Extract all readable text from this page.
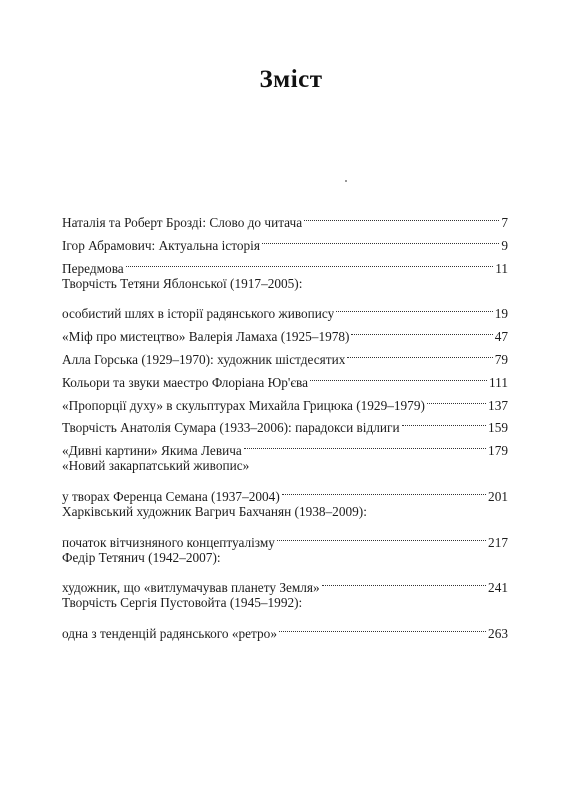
Зміст
Наталія та Роберт Брозді: Слово до читача	7
Ігор Абрамович: Актуальна історія	9
Передмова	11
Творчість Тетяни Яблонської (1917–2005):
особистий шлях в історії радянського живопису	19
«Міф про мистецтво» Валерія Ламаха (1925–1978)	47
Алла Горська (1929–1970): художник шістдесятих	79
Кольори та звуки маестро Флоріана Юр'єва	111
«Пропорції духу» в скульптурах Михайла Грицюка (1929–1979)	137
Творчість Анатолія Сумара (1933–2006): парадокси відлиги	159
«Дивні картини» Якима Левича	179
«Новий закарпатський живопис»
у творах Ференца Семана (1937–2004)	201
Харківський художник Вагрич Бахчанян (1938–2009):
початок вітчизняного концептуалізму	217
Федір Тетянич (1942–2007):
художник, що «витлумачував планету Земля»	241
Творчість Сергія Пустовойта (1945–1992):
одна з тенденцій радянського «ретро»	263
